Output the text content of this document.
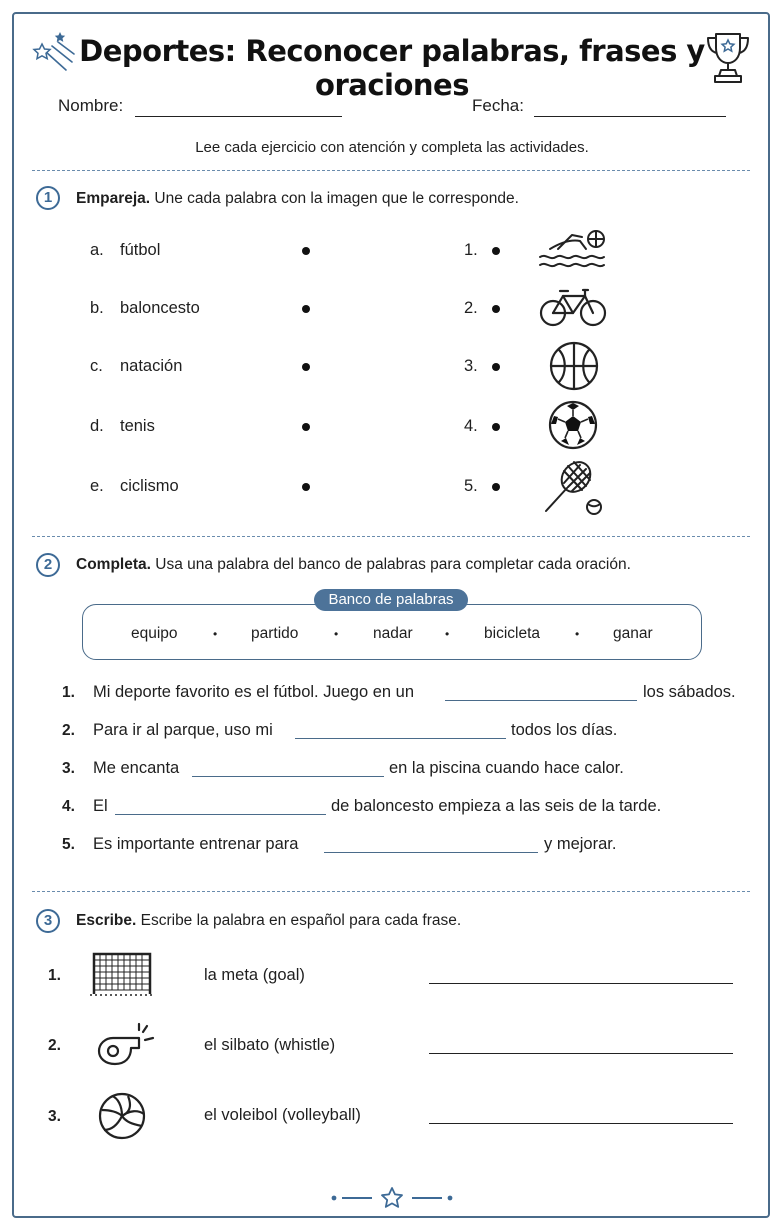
Deportes: Reconocer palabras, frases y oraciones
Nombre:	Fecha:
Lee cada ejercicio con atención y completa las actividades.
1	Empareja. Une cada palabra con la imagen que le corresponde.
a. fútbol	1.
b. baloncesto	2.
c. natación	3.
d. tenis	4.
e. ciclismo	5.
2	Completa. Usa una palabra del banco de palabras para completar cada oración.
Banco de palabras
equipo	• partido	• nadar	• bicicleta	• ganar
1. Mi deporte favorito es el fútbol. Juego en un	los sábados.
2. Para ir al parque, uso mi	todos los días.
3. Me encanta	en la piscina cuando hace calor.
4. El	de baloncesto empieza a las seis de la tarde.
5. Es importante entrenar para	y mejorar.
3	Escribe. Escribe la palabra en español para cada frase.
1.	la meta (goal)
2.	el silbato (whistle)
3.	el voleibol (volleyball)
